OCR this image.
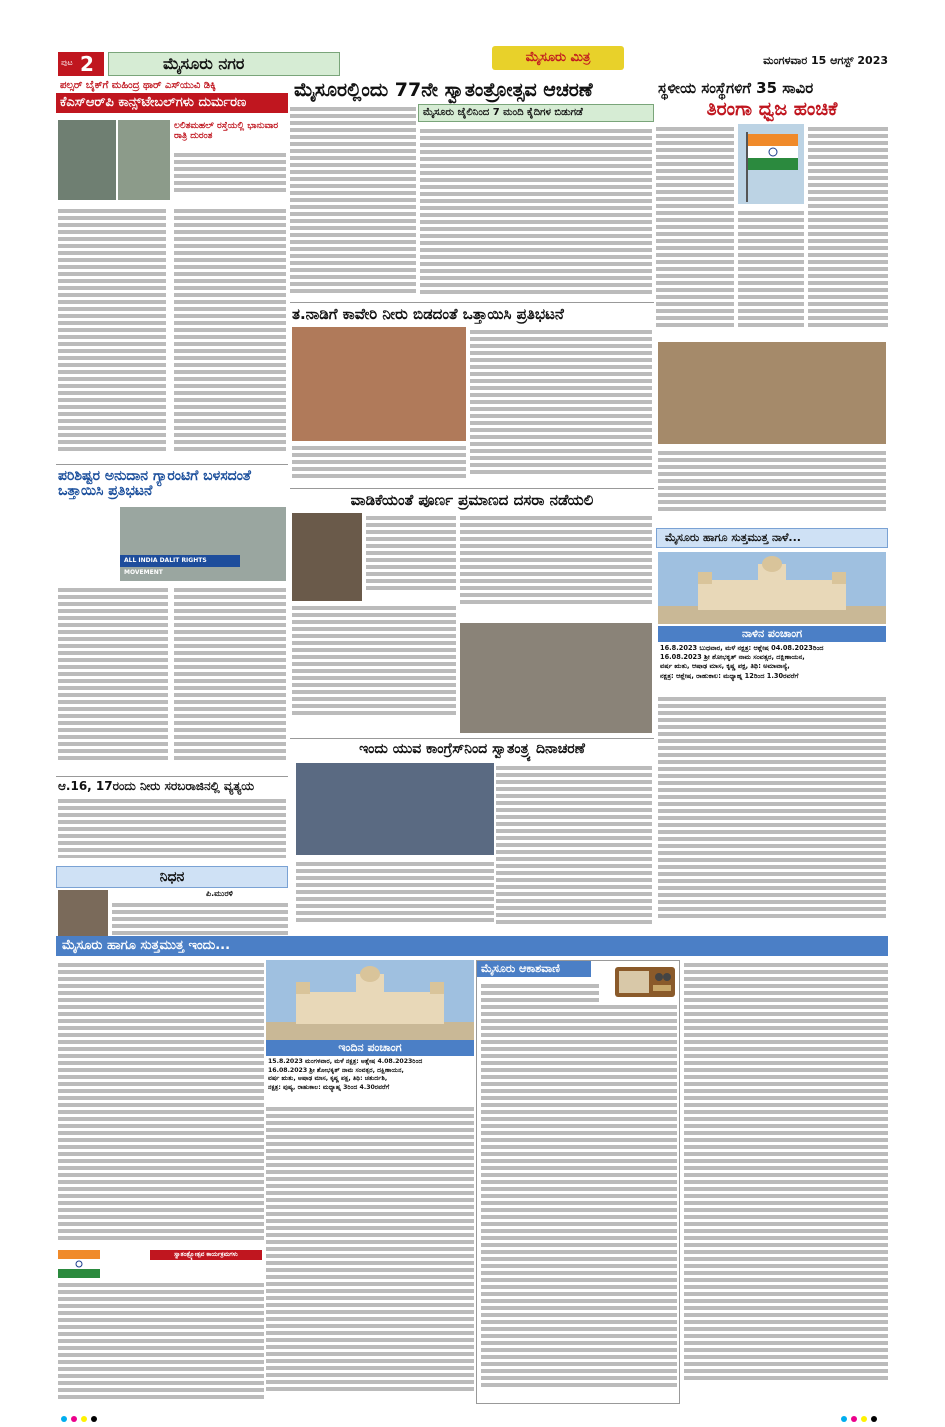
ಪುಟ 2	ಮೈಸೂರು ನಗರ	ಮೈಸೂರು ಮಿತ್ರ	ಮಂಗಳವಾರ 15 ಆಗಸ್ಟ್ 2023
ಪಲ್ಸರ್ ಬೈಕ್‌ಗೆ ಮಹಿಂದ್ರ ಥಾರ್ ಎಸ್‌ಯುವಿ ಡಿಕ್ಕಿ
ಕೆಎಸ್‌ಆರ್‌ಪಿ ಕಾನ್ಸ್‌ಟೇಬಲ್‌ಗಳು ದುರ್ಮರಣ
ಲಲಿತಮಹಲ್ ರಸ್ತೆಯಲ್ಲಿ ಭಾನುವಾರ ರಾತ್ರಿ ದುರಂತ
ಪರಿಶಿಷ್ಟರ ಅನುದಾನ ಗ್ಯಾರಂಟಿಗೆ ಬಳಸದಂತೆ ಒತ್ತಾಯಿಸಿ ಪ್ರತಿಭಟನೆ
ALL INDIA DALIT RIGHTS MOVEMENT
ಆ.16, 17ರಂದು ನೀರು ಸರಬರಾಜಿನಲ್ಲಿ ವ್ಯತ್ಯಯ
ನಿಧನ
ಪಿ.ಮುರಳಿ
ಮೈಸೂರಲ್ಲಿಂದು 77ನೇ ಸ್ವಾತಂತ್ರೋತ್ಸವ ಆಚರಣೆ
ಮೈಸೂರು ಜೈಲಿನಿಂದ 7 ಮಂದಿ ಕೈದಿಗಳ ಬಿಡುಗಡೆ
ತ.ನಾಡಿಗೆ ಕಾವೇರಿ ನೀರು ಬಿಡದಂತೆ ಒತ್ತಾಯಿಸಿ ಪ್ರತಿಭಟನೆ
ವಾಡಿಕೆಯಂತೆ ಪೂರ್ಣ ಪ್ರಮಾಣದ ದಸರಾ ನಡೆಯಲಿ
ಇಂದು ಯುವ ಕಾಂಗ್ರೆಸ್‌ನಿಂದ ಸ್ವಾತಂತ್ರ್ಯ ದಿನಾಚರಣೆ
ಸ್ಥಳೀಯ ಸಂಸ್ಥೆಗಳಿಗೆ 35 ಸಾವಿರ
ತಿರಂಗಾ ಧ್ವಜ ಹಂಚಿಕೆ
ಮೈಸೂರು ಹಾಗೂ ಸುತ್ತಮುತ್ತ ನಾಳೆ...
ನಾಳಿನ ಪಂಚಾಂಗ
16.8.2023 ಬುಧವಾರ, ಮಳೆ ನಕ್ಷತ್ರ: ಆಶ್ಲೇಷ 04.08.2023ರಿಂದ
16.08.2023 ಶ್ರೀ ಶೋಭಕೃತ್ ನಾಮ ಸಂವತ್ಸರ, ದಕ್ಷಿಣಾಯನ,
ವರ್ಷ ಋತು, ಆಷಾಢ ಮಾಸ, ಕೃಷ್ಣ ಪಕ್ಷ, ತಿಥಿ: ಅಮಾವಾಸ್ಯೆ,
ನಕ್ಷತ್ರ: ಆಶ್ಲೇಷ, ರಾಹುಕಾಲ: ಮಧ್ಯಾಹ್ನ 12ರಿಂದ 1.30ರವರೆಗೆ
ಮೈಸೂರು ಹಾಗೂ ಸುತ್ತಮುತ್ತ ಇಂದು...
ಸ್ವಾತಂತ್ರ್ಯೋತ್ಸವ ಕಾರ್ಯಕ್ರಮಗಳು
ಇಂದಿನ ಪಂಚಾಂಗ
15.8.2023 ಮಂಗಳವಾರ, ಮಳೆ ನಕ್ಷತ್ರ: ಆಶ್ಲೇಷ 4.08.2023ರಿಂದ
16.08.2023 ಶ್ರೀ ಶೋಭಕೃತ್ ನಾಮ ಸಂವತ್ಸರ, ದಕ್ಷಿಣಾಯನ,
ವರ್ಷ ಋತು, ಆಷಾಢ ಮಾಸ, ಕೃಷ್ಣ ಪಕ್ಷ, ತಿಥಿ: ಚತುರ್ದಶಿ,
ನಕ್ಷತ್ರ: ಪುಷ್ಯ, ರಾಹುಕಾಲ: ಮಧ್ಯಾಹ್ನ 3ರಿಂದ 4.30ರವರೆಗೆ
ಮೈಸೂರು ಆಕಾಶವಾಣಿ
